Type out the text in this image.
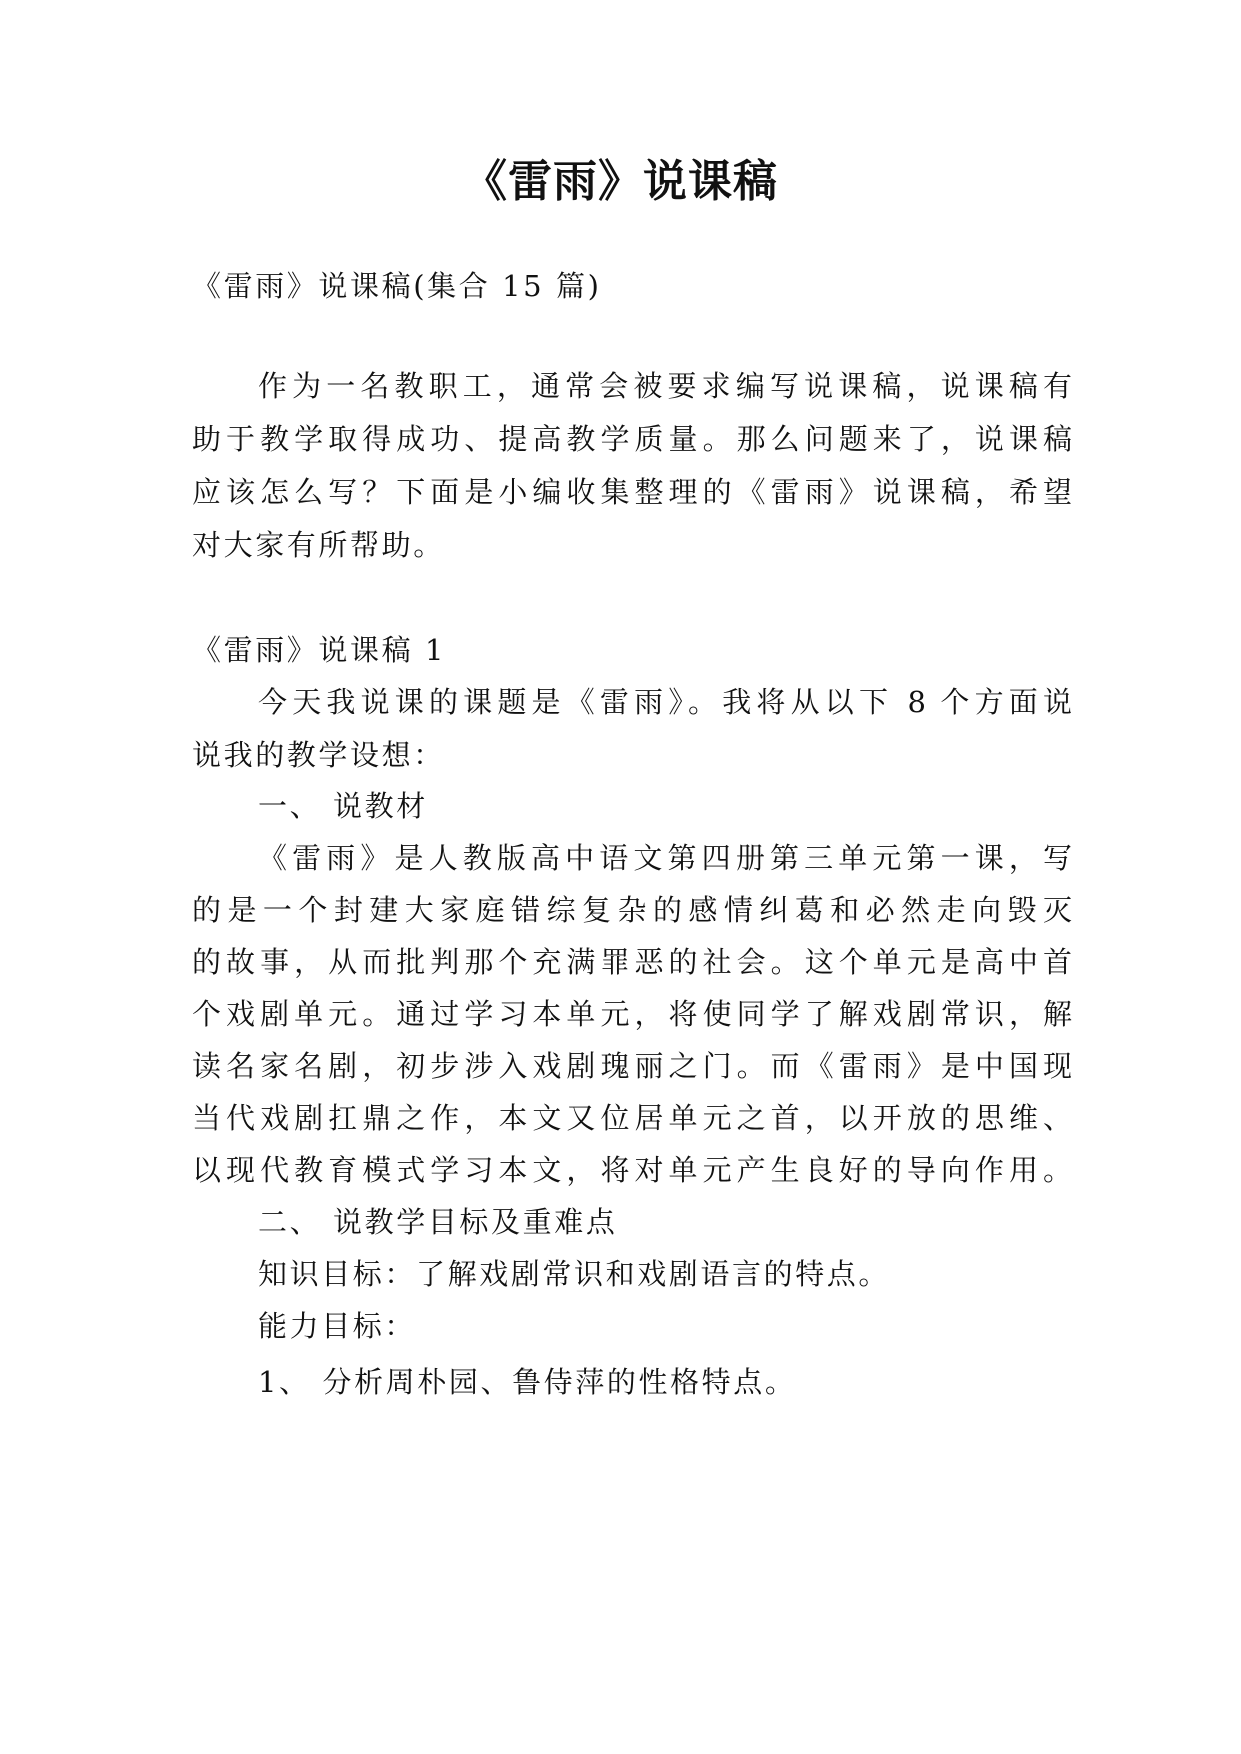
《雷雨》说课稿
《雷雨》说课稿(集合 15 篇)
作为一名教职工，通常会被要求编写说课稿，说课稿有
助于教学取得成功、提高教学质量。那么问题来了，说课稿
应该怎么写？下面是小编收集整理的《雷雨》说课稿，希望
对大家有所帮助。
《雷雨》说课稿 1
今天我说课的课题是《雷雨》。我将从以下 8 个方面说
说我的教学设想：
一、 说教材
《雷雨》是人教版高中语文第四册第三单元第一课，写
的是一个封建大家庭错综复杂的感情纠葛和必然走向毁灭
的故事，从而批判那个充满罪恶的社会。这个单元是高中首
个戏剧单元。通过学习本单元，将使同学了解戏剧常识，解
读名家名剧，初步涉入戏剧瑰丽之门。而《雷雨》是中国现
当代戏剧扛鼎之作，本文又位居单元之首，以开放的思维、
以现代教育模式学习本文，将对单元产生良好的导向作用。
二、 说教学目标及重难点
知识目标：了解戏剧常识和戏剧语言的特点。
能力目标：
1、 分析周朴园、鲁侍萍的性格特点。
